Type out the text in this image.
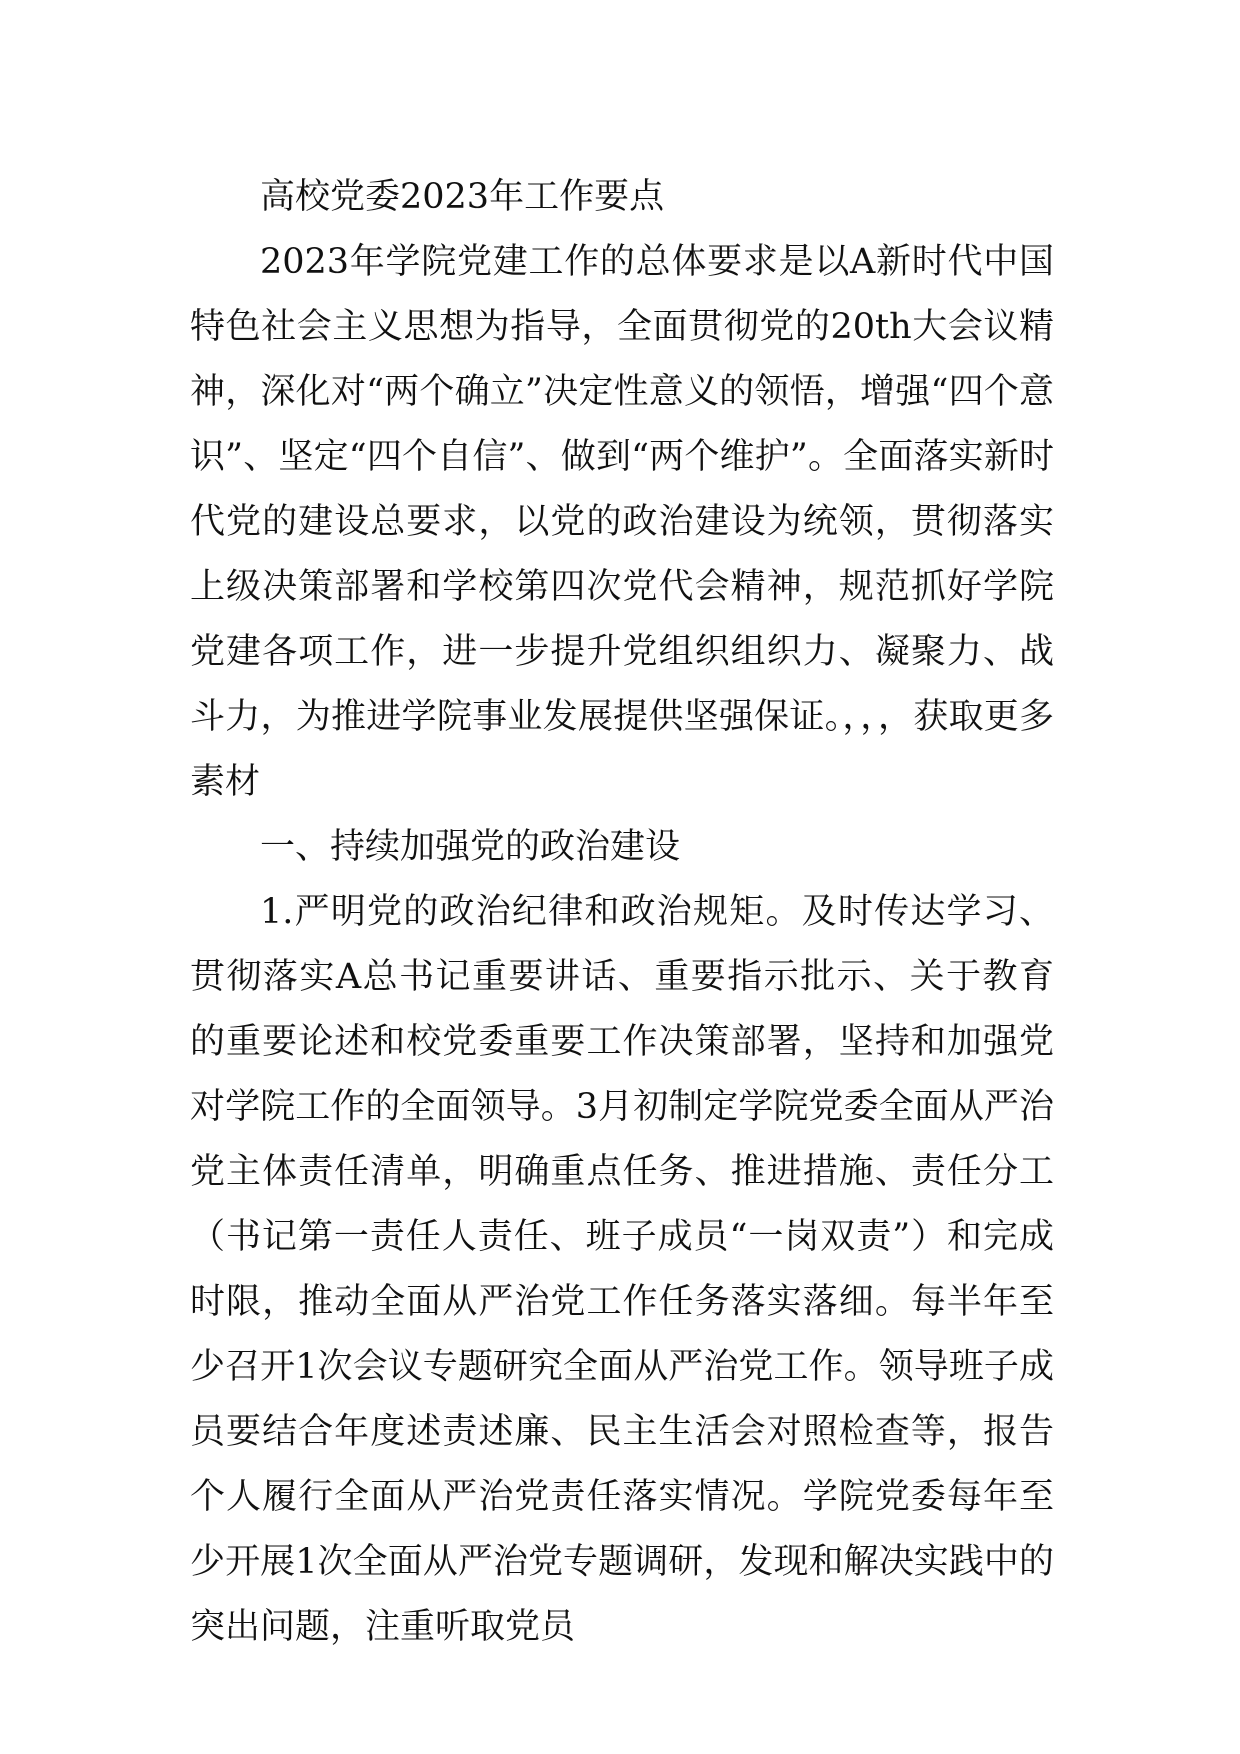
高校党委2023年工作要点

2023年学院党建工作的总体要求是以A新时代中国特色社会主义思想为指导，全面贯彻党的20th大会议精神，深化对“两个确立”决定性意义的领悟，增强“四个意识”、坚定“四个自信”、做到“两个维护”。全面落实新时代党的建设总要求，以党的政治建设为统领，贯彻落实上级决策部署和学校第四次党代会精神，规范抓好学院党建各项工作，进一步提升党组织组织力、凝聚力、战斗力，为推进学院事业发展提供坚强保证。，，，获取更多素材

一、持续加强党的政治建设

1.严明党的政治纪律和政治规矩。及时传达学习、贯彻落实A总书记重要讲话、重要指示批示、关于教育的重要论述和校党委重要工作决策部署，坚持和加强党对学院工作的全面领导。3月初制定学院党委全面从严治党主体责任清单，明确重点任务、推进措施、责任分工（书记第一责任人责任、班子成员“一岗双责”）和完成时限，推动全面从严治党工作任务落实落细。每半年至少召开1次会议专题研究全面从严治党工作。领导班子成员要结合年度述责述廉、民主生活会对照检查等，报告个人履行全面从严治党责任落实情况。学院党委每年至少开展1次全面从严治党专题调研，发现和解决实践中的突出问题，注重听取党员
